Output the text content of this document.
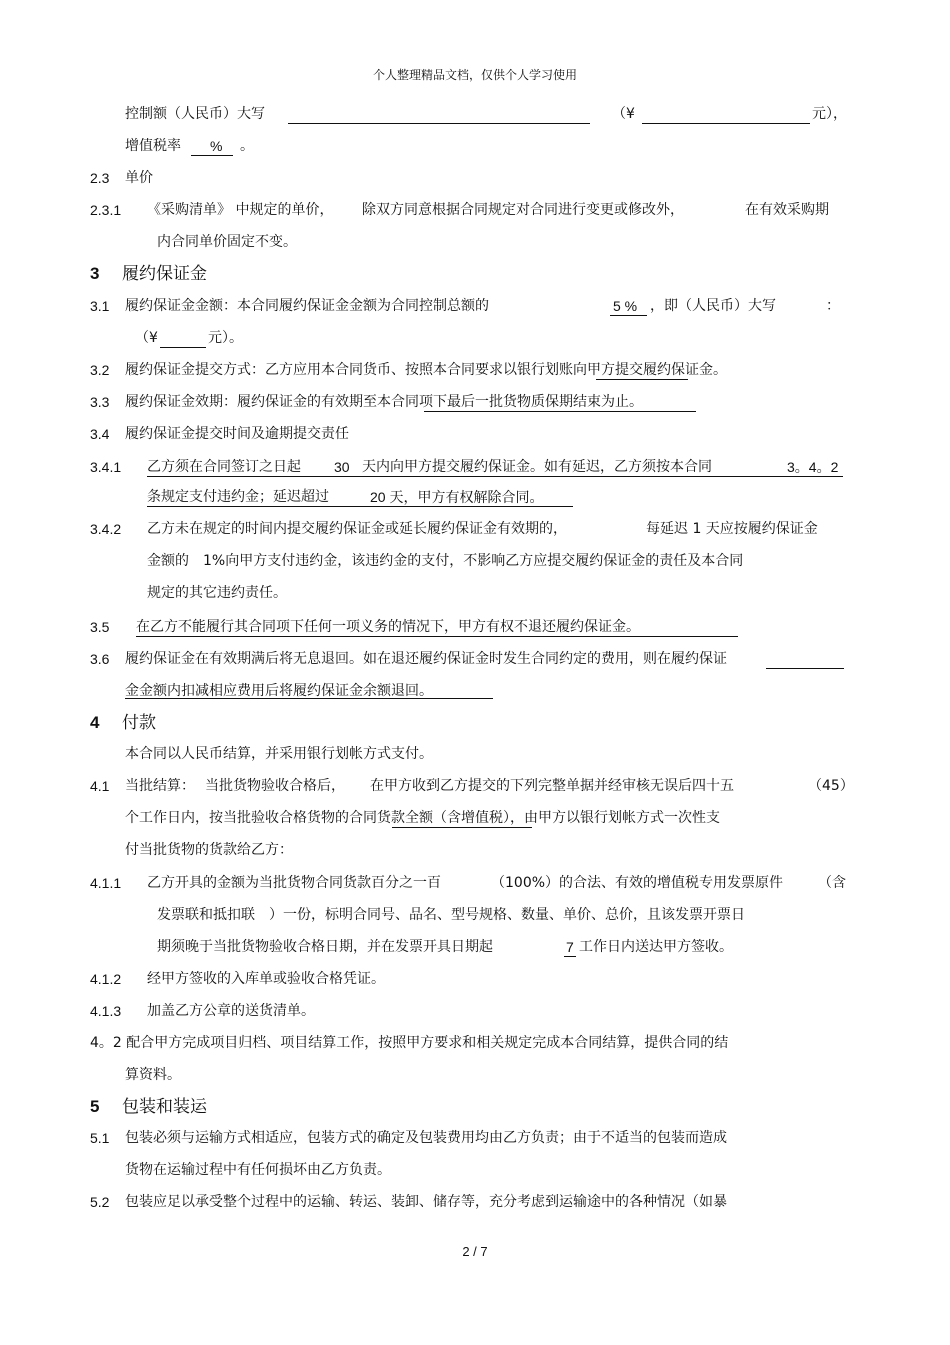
个人整理精品文档，仅供个人学习使用
控制额（人民币）大写	（¥	元），
增值税率 % 。
2.3 单价
2.3.1 《采购清单》 中规定的单价， 除双方同意根据合同规定对合同进行变更或修改外，	在有效采购期
内合同单价固定不变。
3 履约保证金
3.1 履约保证金金额：本合同履约保证金金额为合同控制总额的	5 % ，即（人民币）大写	：
（¥	元）。
3.2 履约保证金提交方式：乙方应用本合同货币、按照本合同要求以银行划账向甲方提交履约保证金。
3.3 履约保证金效期：履约保证金的有效期至本合同项下最后一批货物质保期结束为止。
3.4 履约保证金提交时间及逾期提交责任
3.4.1 乙方须在合同签订之日起 30 天内向甲方提交履约保证金。如有延迟，乙方须按本合同	3。4。2
条规定支付违约金；延迟超过	20 天，甲方有权解除合同。
3.4.2 乙方未在规定的时间内提交履约保证金或延长履约保证金有效期的，	每延迟 1 天应按履约保证金
金额的　1%向甲方支付违约金，该违约金的支付，不影响乙方应提交履约保证金的责任及本合同
规定的其它违约责任。
3.5 在乙方不能履行其合同项下任何一项义务的情况下，甲方有权不退还履约保证金。
3.6 履约保证金在有效期满后将无息退回。如在退还履约保证金时发生合同约定的费用，则在履约保证
金金额内扣减相应费用后将履约保证金余额退回。
4 付款
本合同以人民币结算，并采用银行划帐方式支付。
4.1 当批结算： 当批货物验收合格后， 在甲方收到乙方提交的下列完整单据并经审核无误后四十五	（45）
个工作日内，按当批验收合格货物的合同货款全额（含增值税），由甲方以银行划帐方式一次性支
付当批货物的货款给乙方：
4.1.1 乙方开具的金额为当批货物合同货款百分之一百	（100%）的合法、有效的增值税专用发票原件 （含
发票联和抵扣联　）一份，标明合同号、品名、型号规格、数量、单价、总价，且该发票开票日
期须晚于当批货物验收合格日期，并在发票开具日期起	7 工作日内送达甲方签收。
4.1.2 经甲方签收的入库单或验收合格凭证。
4.1.3 加盖乙方公章的送货清单。
4。2 配合甲方完成项目归档、项目结算工作，按照甲方要求和相关规定完成本合同结算，提供合同的结
算资料。
5 包装和装运
5.1 包装必须与运输方式相适应，包装方式的确定及包装费用均由乙方负责；由于不适当的包装而造成
货物在运输过程中有任何损坏由乙方负责。
5.2 包装应足以承受整个过程中的运输、转运、装卸、储存等，充分考虑到运输途中的各种情况（如暴
2 / 7
